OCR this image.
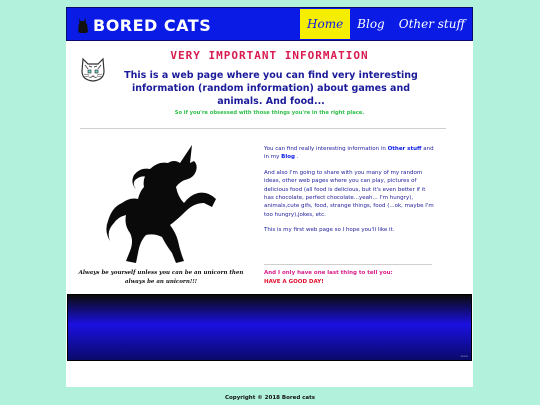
BORED CATS	Home	Blog	Other stuff
VERY IMPORTANT INFORMATION
This is a web page where you can find very interesting information (random information) about games and animals. And food...
So if you're obsessed with those things you're in the right place.
Always be yourself unless you can be an unicorn then always be an unicorn!!!

You can find really interesting information in Other stuff and in my Blog .

And also I'm going to share with you many of my random ideas, other web pages where you can play, pictures of delicious food (all food is delicious, but it's even better if it has chocolate, perfect chocolate...yeah... I'm hungry), animals,cute gifs, food, strange things, food (...ok, maybe I'm too hungry),jokes, etc.

This is my first web page so I hope you'll like it.

And I only have one last thing to tell you:
HAVE A GOOD DAY!
www
Copyright © 2018 Bored cats
